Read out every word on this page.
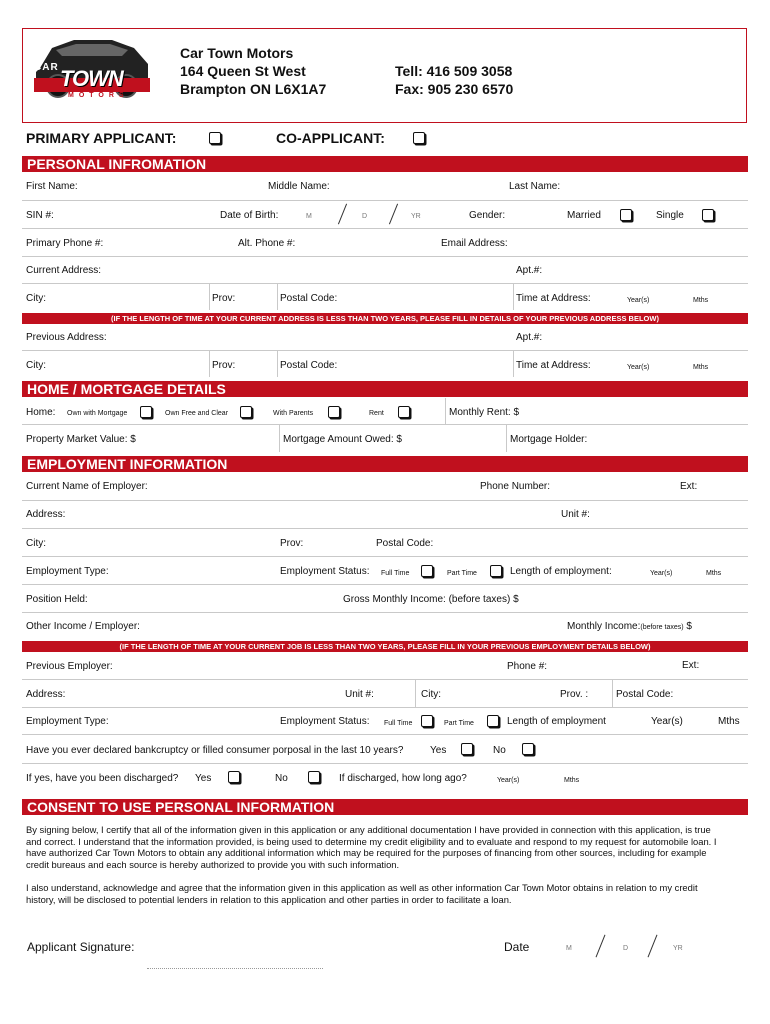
CAR TOWN
MOTORS
Car Town Motors
164 Queen St West
Brampton ON L6X1A7
Tell: 416 509 3058
Fax: 905 230 6570
PRIMARY APPLICANT:	CO-APPLICANT:
PERSONAL INFROMATION
First Name:	Middle Name:	Last Name:
SIN #:	Date of Birth:	M	D	YR	Gender:	Married	Single
Primary Phone #:	Alt. Phone #:	Email Address:
Current Address:	Apt.#:
City:	Prov:	Postal Code:	Time at Address:	Year(s)	Mths
(IF THE LENGTH OF TIME AT YOUR CURRENT ADDRESS IS LESS THAN TWO YEARS, PLEASE FILL IN DETAILS OF YOUR PREVIOUS ADDRESS BELOW)
Previous Address:	Apt.#:
City:	Prov:	Postal Code:	Time at Address:	Year(s)	Mths
HOME / MORTGAGE DETAILS
Home: Own with Mortgage	Own Free and Clear	With Parents	Rent	Monthly Rent: $
Property Market Value: $	Mortgage Amount Owed: $	Mortgage Holder:
EMPLOYMENT INFORMATION
Current Name of Employer:	Phone Number:	Ext:
Address:	Unit #:
City:	Prov:	Postal Code:
Employment Type:	Employment Status: Full Time	Part Time	Length of employment:	Year(s)	Mths
Position Held:	Gross Monthly Income: (before taxes) $
Other Income / Employer:	Monthly Income:(before taxes) $
(IF THE LENGTH OF TIME AT YOUR CURRENT JOB IS LESS THAN TWO YEARS, PLEASE FILL IN YOUR PREVIOUS EMPLOYMENT DETAILS BELOW)
Previous Employer:	Phone #:	Ext:
Address:	Unit #:	City:	Prov. :	Postal Code:
Employment Type:	Employment Status: Full Time	Part Time	Length of employment	Year(s)	Mths
Have you ever declared bankcruptcy or filled consumer porposal in the last 10 years?	Yes	No
If yes, have you been discharged? Yes	No	If discharged, how long ago?	Year(s)	Mths
CONSENT TO USE PERSONAL INFORMATION
By signing below, I certify that all of the information given in this application or any additional documentation I have provided in connection with this application, is true and correct. I understand that the information provided, is being used to determine my credit eligibility and to evaluate and respond to my request for automobile loan. I have authorized Car Town Motors to obtain any additional information which may be required for the purposes of financing from other sources, including for example credit bureaus and each source is hereby authorized to provide you with such information.
I also understand, acknowledge and agree that the information given in this application as well as other information Car Town Motor obtains in relation to my credit history, will be disclosed to potential lenders in relation to this application and other parties in order to facilitate a loan.
Applicant Signature:	Date	M	D	YR
